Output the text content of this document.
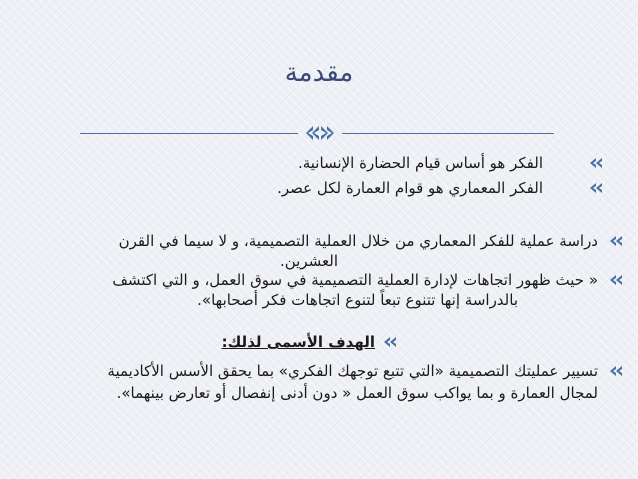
مقدمة
الفكر هو أساس قيام الحضارة الإنسانية.
الفكر المعماري هو قوام العمارة لكل عصر.
دراسة عملية للفكر المعماري من خلال العملية التصميمية، و لا سيما في القرن
العشرين.
« حيث ظهور اتجاهات لإدارة العملية التصميمية في سوق العمل، و التي اكتشف
بالدراسة إنها تتنوع تبعاً لتنوع اتجاهات فكر أصحابها».
الهدف الأسمى لذلك:
تسيير عمليتك التصميمية «التي تتبع توجهك الفكري» بما يحقق الأسس الأكاديمية
لمجال العمارة و بما يواكب سوق العمل « دون أدنى إنفصال أو تعارض بينهما».
